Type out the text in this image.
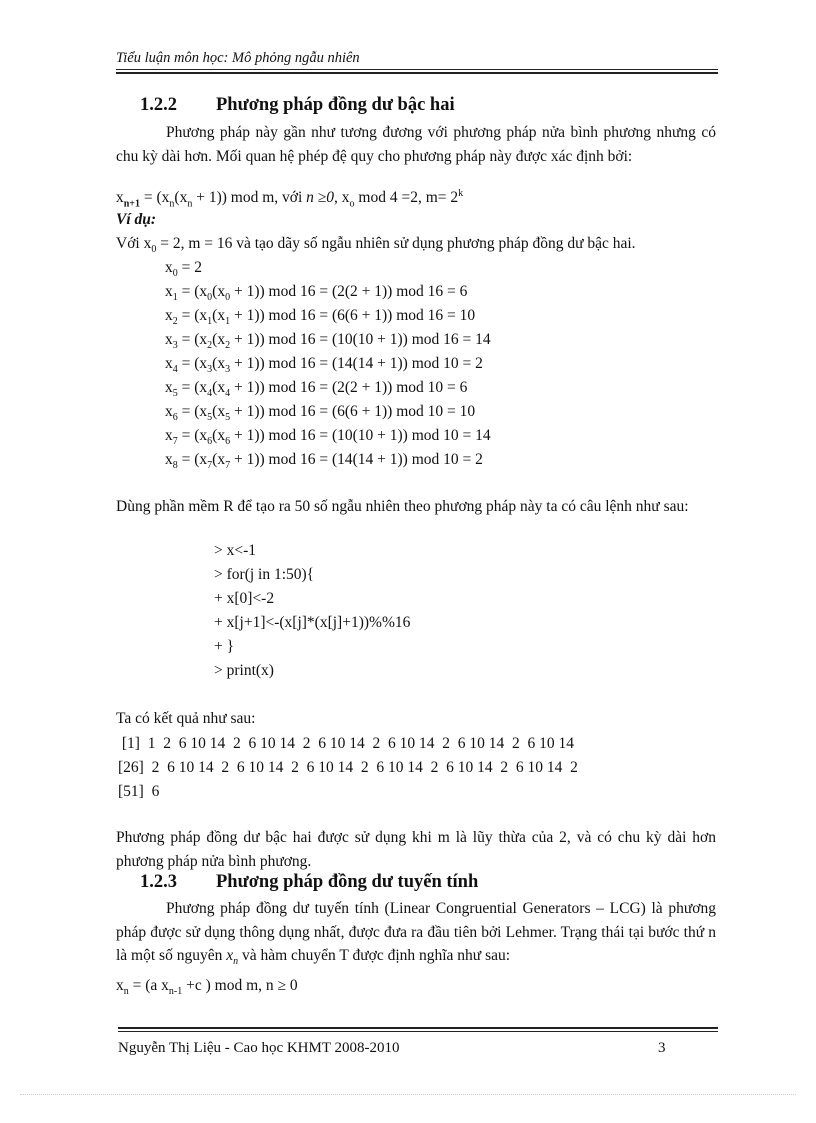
Tiểu luận môn học: Mô phỏng ngẫu nhiên
1.2.2 Phương pháp đồng dư bậc hai
Phương pháp này gần như tương đương với phương pháp nửa bình phương nhưng có chu kỳ dài hơn. Mối quan hệ phép đệ quy cho phương pháp này được xác định bởi:
$x_{n+1} = (x_n(x_n + 1))$ mod m, với n ≥0, $x_o$ mod 4 =2, $m= 2^k$
Ví dụ:
Với $x_0 = 2$, m = 16 và tạo dãy số ngẫu nhiên sử dụng phương pháp đồng dư bậc hai.
$x_0 = 2$
$x_1 = (x_0(x_0 + 1))$ mod 16 = (2(2 + 1)) mod 16 = 6
$x_2 = (x_1(x_1 + 1))$ mod 16 = (6(6 + 1)) mod 16 = 10
$x_3 = (x_2(x_2 + 1))$ mod 16 = (10(10 + 1)) mod 16 = 14
$x_4 = (x_3(x_3 + 1))$ mod 16 = (14(14 + 1)) mod 10 = 2
$x_5 = (x_4(x_4 + 1))$ mod 16 = (2(2 + 1)) mod 10 = 6
$x_6 = (x_5(x_5 + 1))$ mod 16 = (6(6 + 1)) mod 10 = 10
$x_7 = (x_6(x_6 + 1))$ mod 16 = (10(10 + 1)) mod 10 = 14
$x_8 = (x_7(x_7 + 1))$ mod 16 = (14(14 + 1)) mod 10 = 2
Dùng phần mềm R để tạo ra 50 số ngẫu nhiên theo phương pháp này ta có câu lệnh như sau:
> x<-1
> for(j in 1:50){
+ x[0]<-2
+ x[j+1]<-(x[j]*(x[j]+1))%%16
+ }
> print(x)
Ta có kết quả như sau:
[1]  1  2  6 10 14  2  6 10 14  2  6 10 14  2  6 10 14  2  6 10 14  2  6 10 14
[26]  2  6 10 14  2  6 10 14  2  6 10 14  2  6 10 14  2  6 10 14  2  6 10 14  2
[51]  6
Phương pháp đồng dư bậc hai được sử dụng khi m là lũy thừa của 2, và có chu kỳ dài hơn phương pháp nửa bình phương.
1.2.3 Phương pháp đồng dư tuyến tính
Phương pháp đồng dư tuyến tính (Linear Congruential Generators – LCG) là phương pháp được sử dụng thông dụng nhất, được đưa ra đầu tiên bởi Lehmer. Trạng thái tại bước thứ n là một số nguyên $x_n$ và hàm chuyển T được định nghĩa như sau:
$x_n = (a$ $x_{n-1} +c$ ) mod m, n ≥ 0
Nguyễn Thị Liệu - Cao học KHMT 2008-2010	3
